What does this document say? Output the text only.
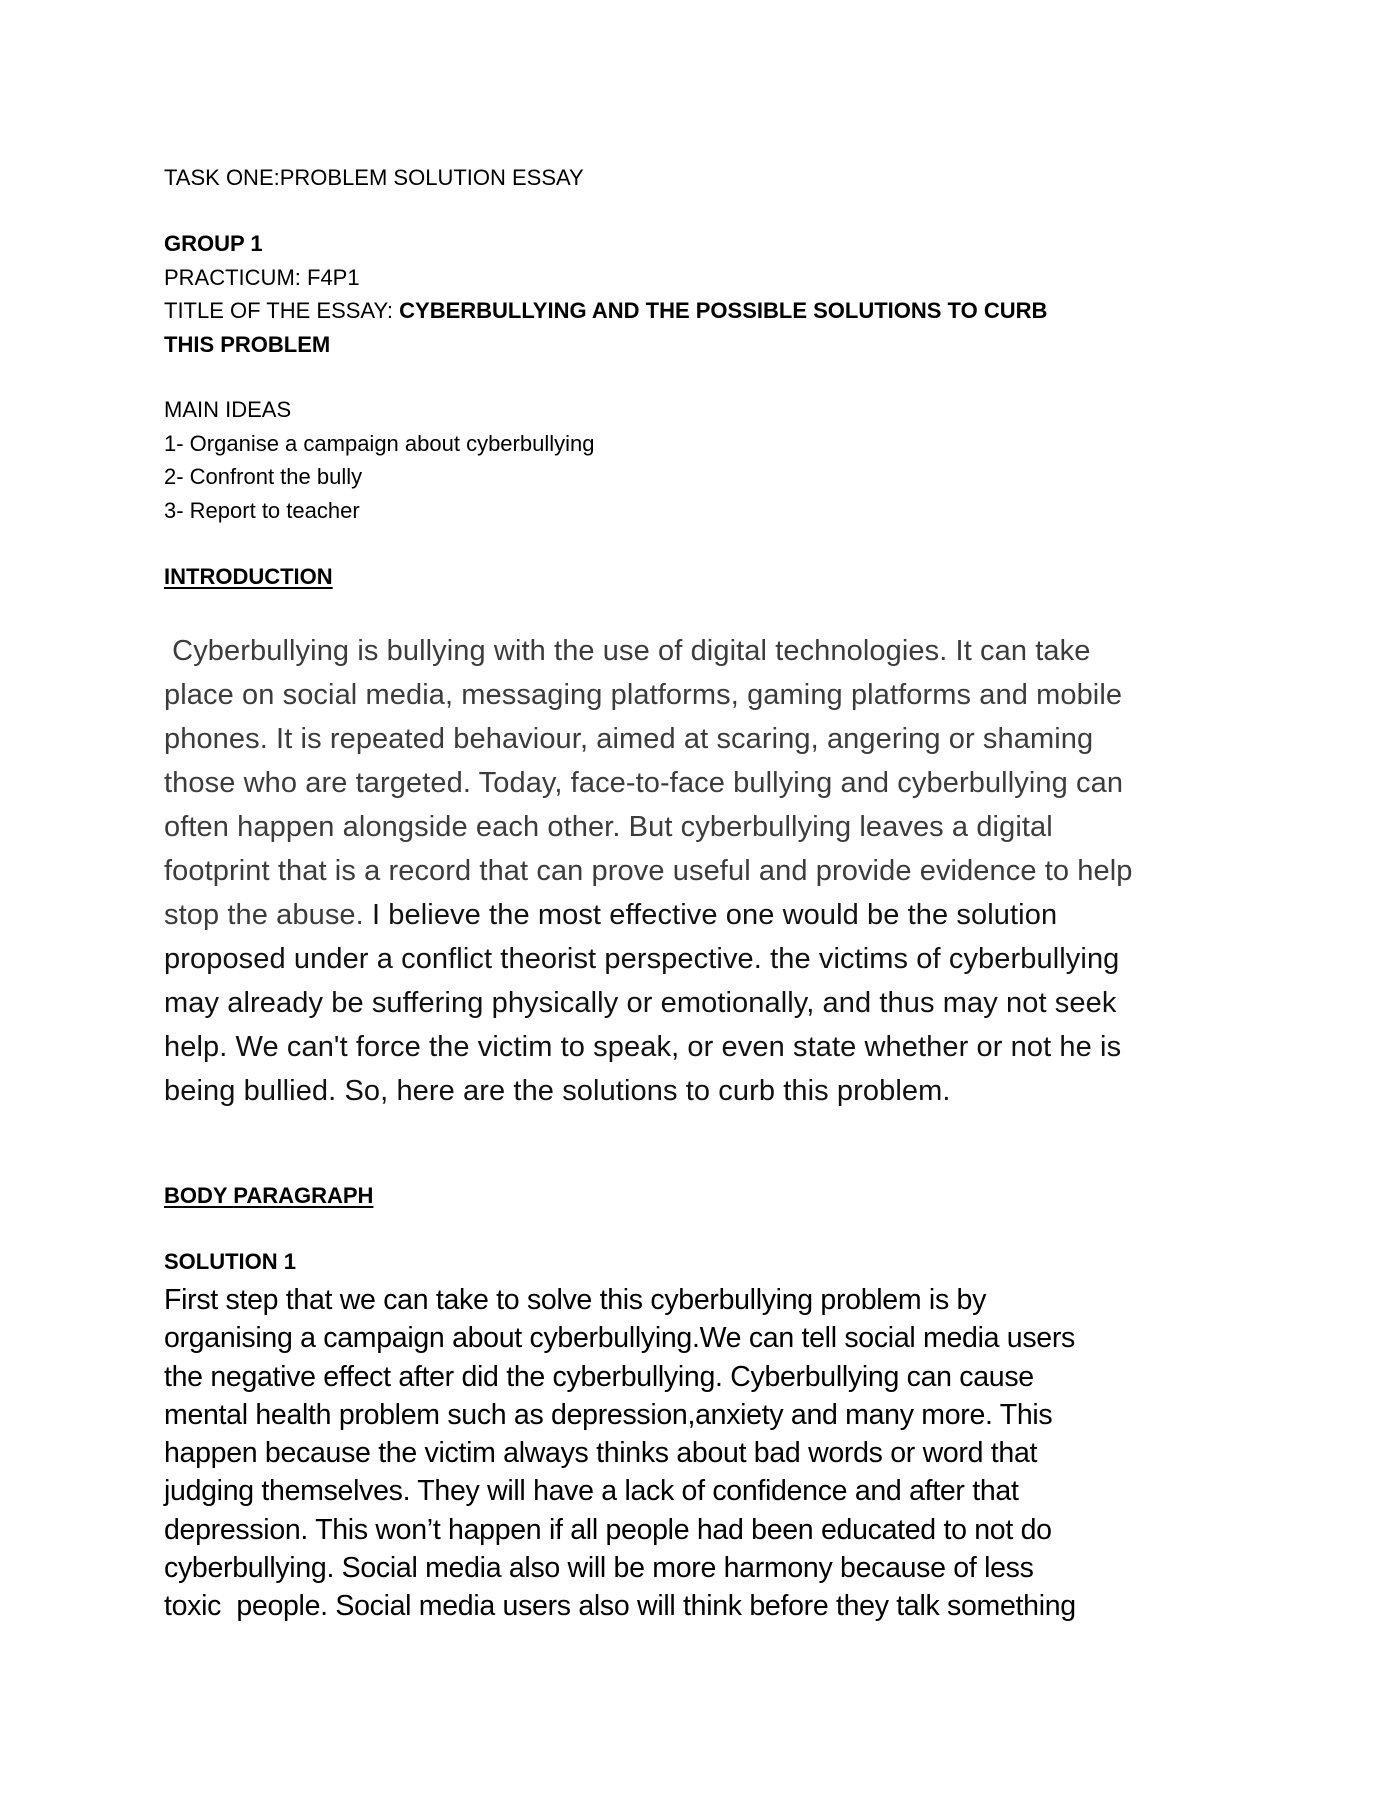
TASK ONE:PROBLEM SOLUTION ESSAY
GROUP 1
PRACTICUM: F4P1
TITLE OF THE ESSAY: CYBERBULLYING AND THE POSSIBLE SOLUTIONS TO CURB
THIS PROBLEM
MAIN IDEAS
1- Organise a campaign about cyberbullying
2- Confront the bully
3- Report to teacher
INTRODUCTION
Cyberbullying is bullying with the use of digital technologies. It can take
place on social media, messaging platforms, gaming platforms and mobile
phones. It is repeated behaviour, aimed at scaring, angering or shaming
those who are targeted. Today, face-to-face bullying and cyberbullying can
often happen alongside each other. But cyberbullying leaves a digital
footprint that is a record that can prove useful and provide evidence to help
stop the abuse. I believe the most effective one would be the solution
proposed under a conflict theorist perspective. the victims of cyberbullying
may already be suffering physically or emotionally, and thus may not seek
help. We can't force the victim to speak, or even state whether or not he is
being bullied. So, here are the solutions to curb this problem.
BODY PARAGRAPH
SOLUTION 1
First step that we can take to solve this cyberbullying problem is by
organising a campaign about cyberbullying.We can tell social media users
the negative effect after did the cyberbullying. Cyberbullying can cause
mental health problem such as depression,anxiety and many more. This
happen because the victim always thinks about bad words or word that
judging themselves. They will have a lack of confidence and after that
depression. This won’t happen if all people had been educated to not do
cyberbullying. Social media also will be more harmony because of less
toxic  people. Social media users also will think before they talk something
